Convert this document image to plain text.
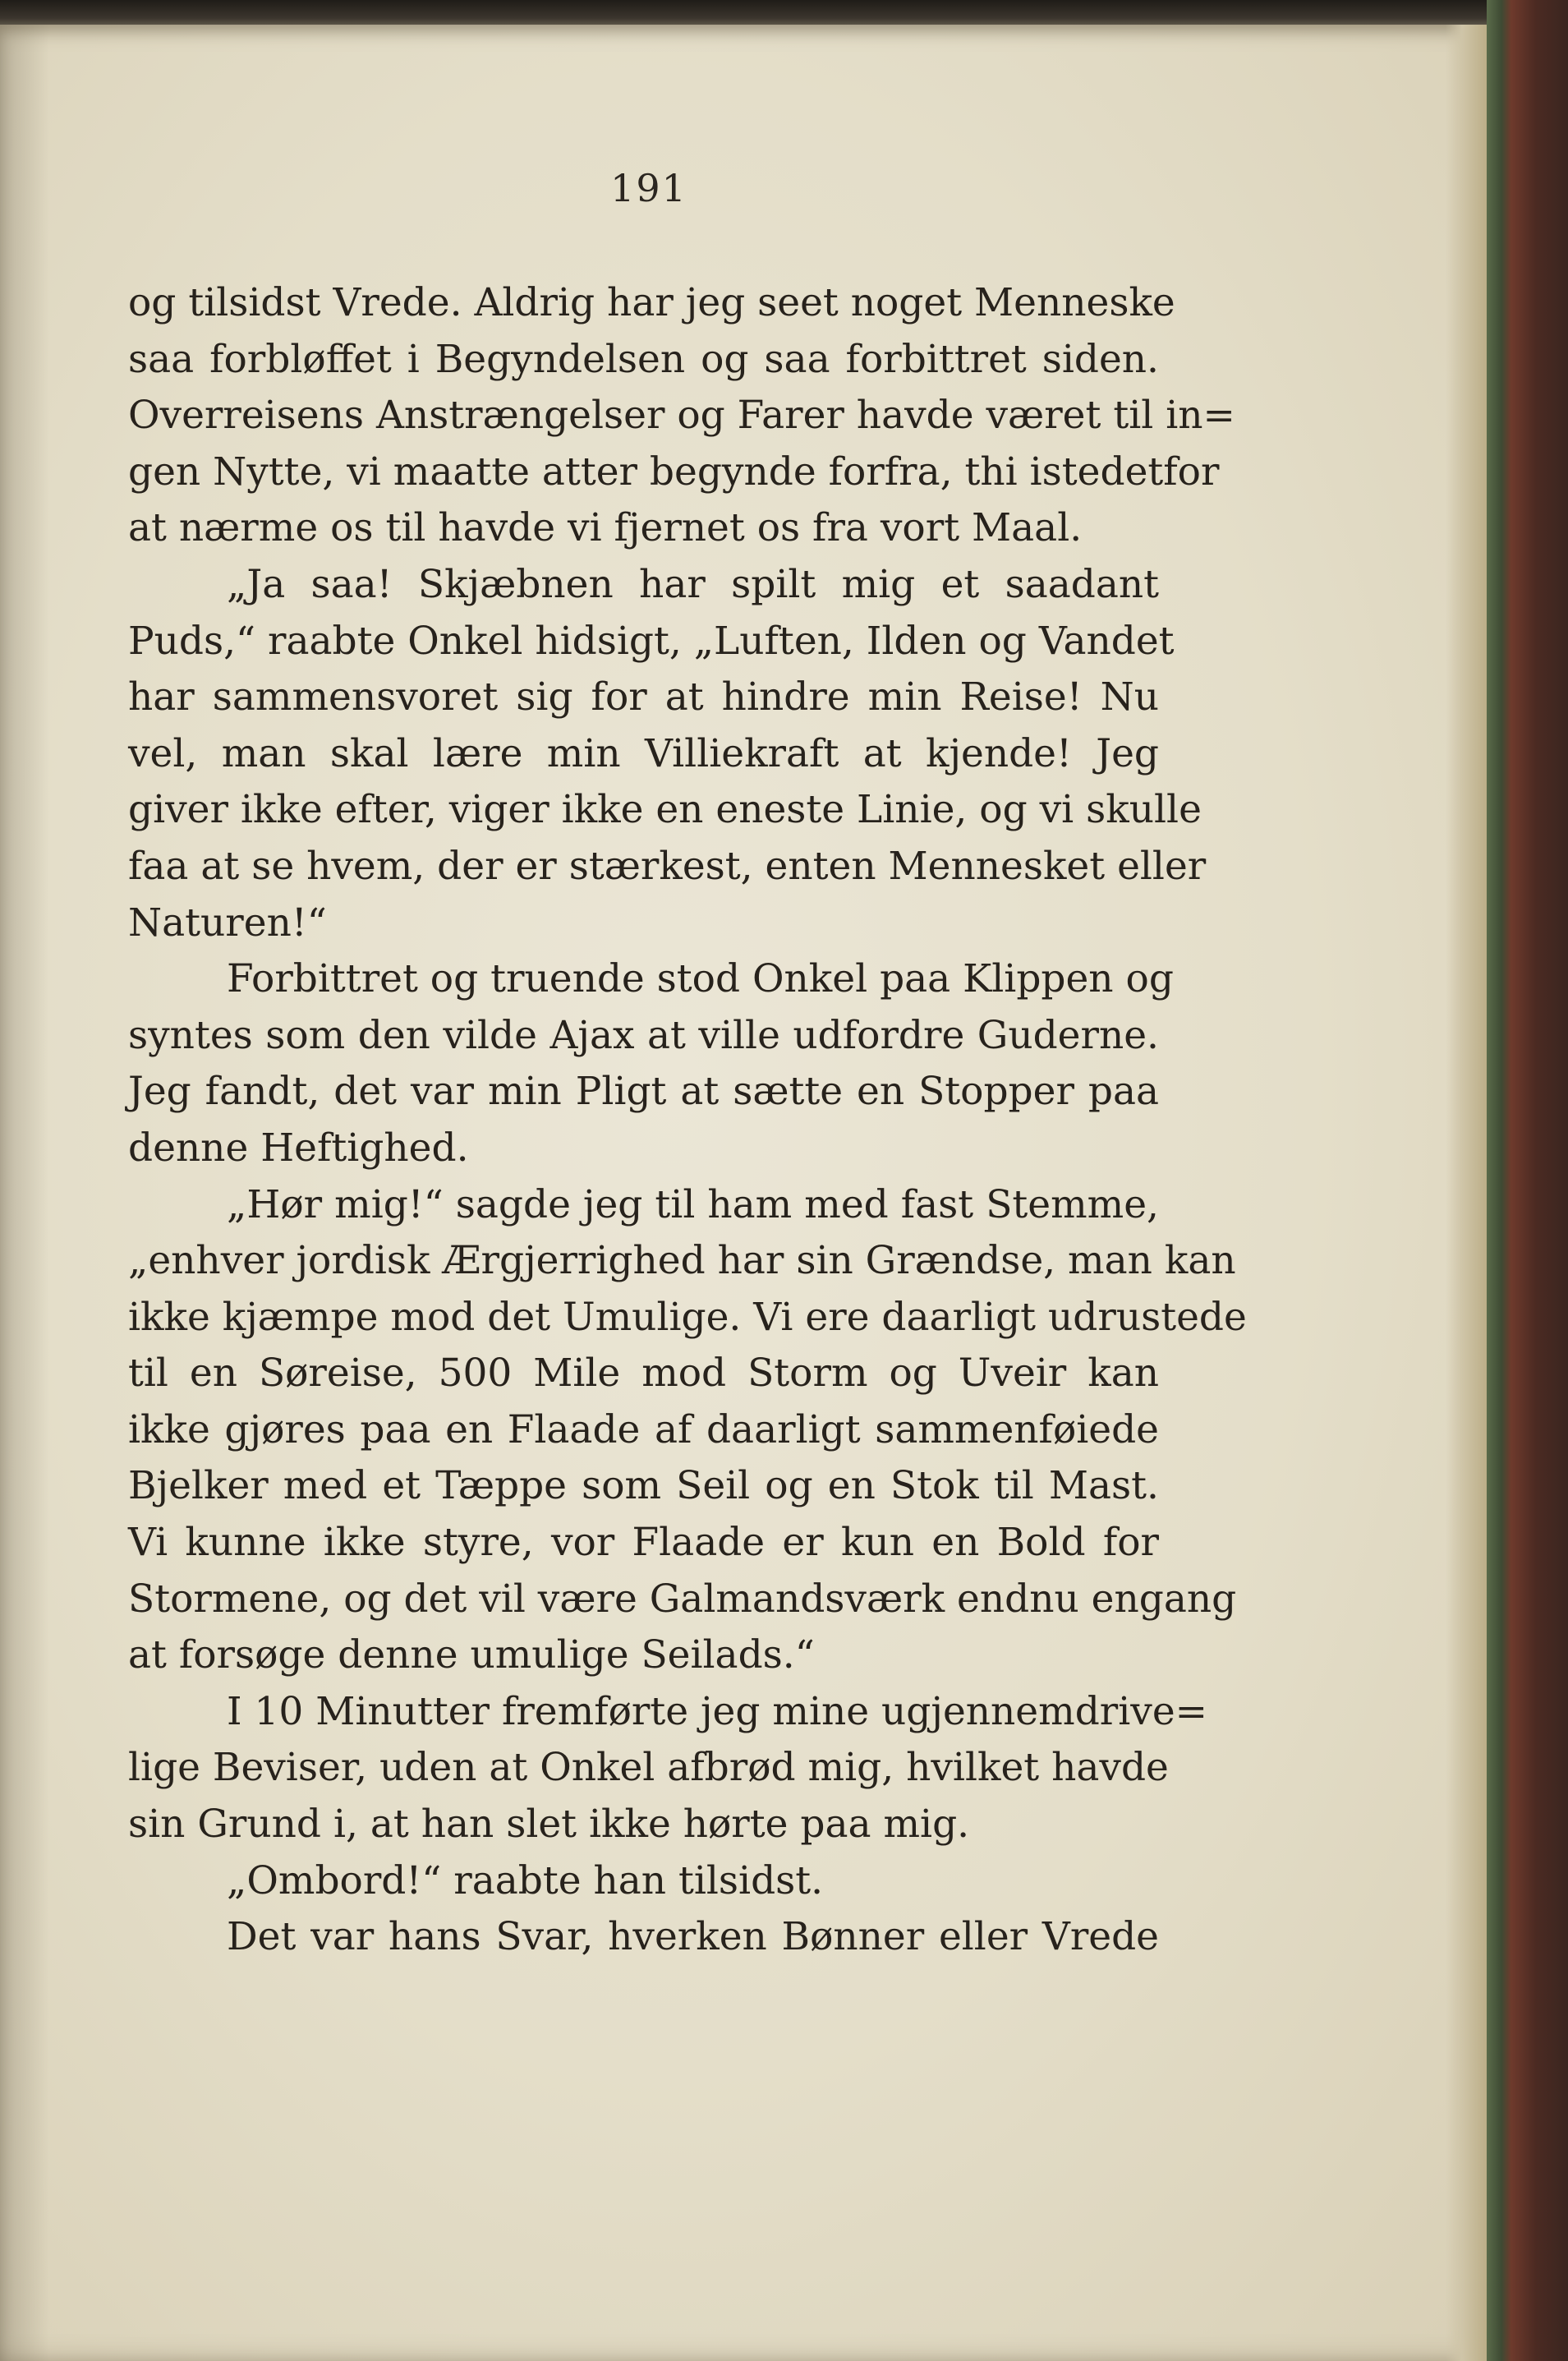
191
og tilsidst Vrede. Aldrig har jeg seet noget Menneske
saa forbløffet i Begyndelsen og saa forbittret siden.
Overreisens Anstrængelser og Farer havde været til in=
gen Nytte, vi maatte atter begynde forfra, thi istedetfor
at nærme os til havde vi fjernet os fra vort Maal.
„Ja saa! Skjæbnen har spilt mig et saadant
Puds,“ raabte Onkel hidsigt, „Luften, Ilden og Vandet
har sammensvoret sig for at hindre min Reise! Nu
vel, man skal lære min Villiekraft at kjende! Jeg
giver ikke efter, viger ikke en eneste Linie, og vi skulle
faa at se hvem, der er stærkest, enten Mennesket eller
Naturen!“
Forbittret og truende stod Onkel paa Klippen og
syntes som den vilde Ajax at ville udfordre Guderne.
Jeg fandt, det var min Pligt at sætte en Stopper paa
denne Heftighed.
„Hør mig!“ sagde jeg til ham med fast Stemme,
„enhver jordisk Ærgjerrighed har sin Grændse, man kan
ikke kjæmpe mod det Umulige. Vi ere daarligt udrustede
til en Søreise, 500 Mile mod Storm og Uveir kan
ikke gjøres paa en Flaade af daarligt sammenføiede
Bjelker med et Tæppe som Seil og en Stok til Mast.
Vi kunne ikke styre, vor Flaade er kun en Bold for
Stormene, og det vil være Galmandsværk endnu engang
at forsøge denne umulige Seilads.“
I 10 Minutter fremførte jeg mine ugjennemdrive=
lige Beviser, uden at Onkel afbrød mig, hvilket havde
sin Grund i, at han slet ikke hørte paa mig.
„Ombord!“ raabte han tilsidst.
Det var hans Svar, hverken Bønner eller Vrede
